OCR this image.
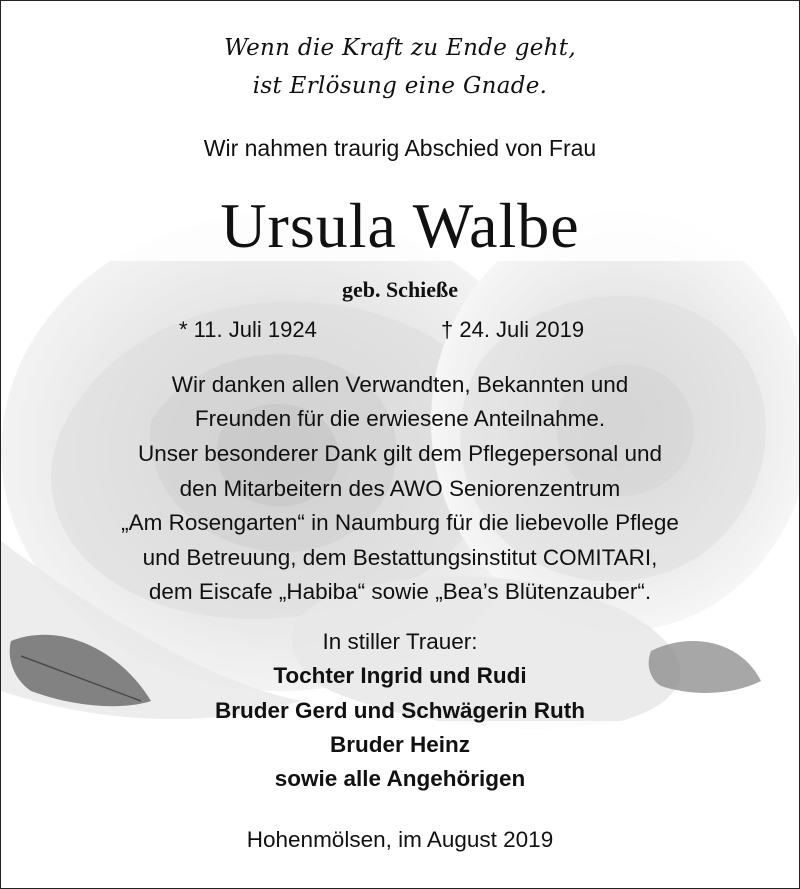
Wenn die Kraft zu Ende geht,
ist Erlösung eine Gnade.
Wir nahmen traurig Abschied von Frau
Ursula Walbe
geb. Schieße
* 11. Juli 1924	† 24. Juli 2019
Wir danken allen Verwandten, Bekannten und
Freunden für die erwiesene Anteilnahme.
Unser besonderer Dank gilt dem Pflegepersonal und
den Mitarbeitern des AWO Seniorenzentrum
„Am Rosengarten“ in Naumburg für die liebevolle Pflege
und Betreuung, dem Bestattungsinstitut COMITARI,
dem Eiscafe „Habiba“ sowie „Bea’s Blütenzauber“.
In stiller Trauer:
Tochter Ingrid und Rudi
Bruder Gerd und Schwägerin Ruth
Bruder Heinz
sowie alle Angehörigen
Hohenmölsen, im August 2019
